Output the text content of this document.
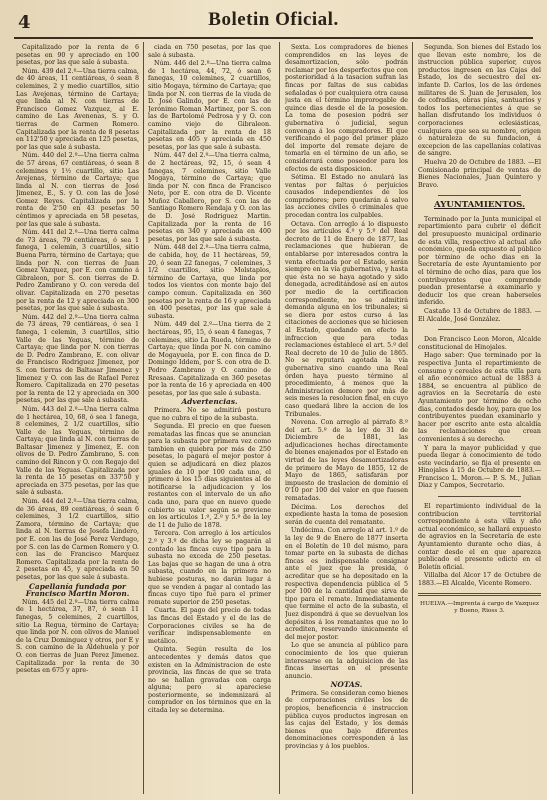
4	Boletin Oficial.

Capitalizado por la renta de 6 pesetas en 90 y apreciado en 100 pesetas, por las que sale á subasta.

Núm. 439 del 2.º—Una tierra calma, de 40 áreas, 11 centiáreas, ó sean 8 celemines, 2 y medio cuartillos, sitio Las Avejenas, término de Cartaya; que linda al N. con tierras de Francisco Gomez Vazquez, al E. camino de Las Avenenas, S. y O. tierras de Carmen Romero. Capitalizada por la renta de 8 pesetas en 112'50 y apreciada en 125 pesetas, por las que sale á subasta.

Núm. 440 del 2.º—Una tierra calma de 57 áreas, 67 centiáreas, ó sean 8 celemines y 1½ cuartillo, sitio Las Avejenas, término de Cartaya; que linda al N. con tierras de José Jimenez, E., S. y O. con las de José Gomez Reyes. Capitalizada por la renta de 2'50 en 43 pesetas 50 céntimos y apreciada en 58 pesetas, por las que sale á subasta.

Núm. 441 del 2.º—Una tierra calma de 73 áreas, 79 centiáreas, ó sea 1 fanega, 1 celemin, 3 cuartillos, sitio Buena Parra, término de Cartaya; que linda por N. con tierras de Juan Gomez Vazquez, por E. con camino á Gibraleon, por S. con tierras de D. Pedro Zambrano y O. con vereda del olivar. Capitalizada en 270 pesetas por la renta de 12 y apreciada en 300 pesetas, por las que sale á subasta.

Núm. 442 del 2.º—Una tierra calma de 73 áreas, 79 centiáreas, ó sea 1 fanega, 1 celemin, 3 cuartillos, sitio Valle de las Yeguas, término de Cartaya; que linda por N. con tierras de D. Pedro Zambrano, E. con olivar de Francisco Rodriguez Jimenez, por S. con tierras de Baltasar Jimenez y Jimenez y O. con las de Rafael Perez Romero. Capitalizada en 270 pesetas por la renta de 12 y apreciada en 300 pesetas, por las que sale á subasta.

Núm. 443 del 2.º—Una tierra calma de 1 hectárea, 10, 68, ó sea 1 fanega, 8 celemines, 2 1/2 cuartillos, sitio Valle de las Yeguas, término de Cartaya; que linda al N. con tierras de Baltasar Jimenez y Jimenez, E. con olivos de D. Pedro Zambrano, S. con camino del Rincon y O. con Regajo del Valle de las Yeguas. Capitalizada por la renta de 15 pesetas en 337'50 y apreciada en 375 pesetas, por las que sale á subasta.

Núm. 444 del 2.º—Una tierra calma, de 36 áreas, 89 centiáreas, ó sean 6 celemines, 3 1/2 cuartillos, sitio Zamora, término de Cartaya; que linda al N. tierras de Josefa Lindero, por E. con las de José Perez Verdugo, por S. con las de Carmen Romero y O. con las de Francisco Marquez Romero. Capitalizada por la renta de 2 pesetas en 45, y apreciada en 50 pesetas, por las que sale á subasta.

Capellanía fundada por Francisco Martin Moron.

Núm. 445 del 2.º—Una tierra calma de 1 hectárea, 37, 87, ó sean 11 fanegas, 5 celemines, 2 cuartillos, sitio La Regua, término de Cartaya; que linda por N. con olivos de Manuel de la Cruz Dominguez y otros, por E y S. con camino de la Aldehuela y por O. con tierras de Juan Perez Jimenez. Capitalizada por la renta de 30 pesetas en 675 y apre-

ciada en 750 pesetas, por las que sale á subasta.

Núm. 446 del 2.º—Una tierra calma de 1 hectárea, 44, 72, ó sean 6 fanegas, 10 celemines, 2 cuartillos, sitio Mogaya, término de Cartaya; que linda por N. con tierras de la viuda de D. José Galindo, por E. con las de Jerónimo Roman Martinez, por S. con las de Bartolomé Pedrosa y y O. con camino viejo de Gibraleon. Capitalizada por la renta de 18 pesetas en 405 y apreciada en 450 pesetas, por las que sale á subasta.

Núm. 447 del 2.º—Una tierra calma, de 2 hectáreas, 92, 15, ó sean 4 fanegas, 7 celemines, sitio Valle Mogaya, término de Cartaya; que linda por N. con finca de Francisco Neto, por E. con otra de D. Vicente Muñoz Caballero, por S. con las de Santiago Romero Rendaja y O. con las de D. José Rodriguez Martin. Capitalizada por la renta de 16 pesetas en 340 y apreciada en 400 pesetas, por las que sale á subasta.

Núm. 448 del 2.º—Una tierra calma, de cabida, hoy, de 11 hectáreas, 59, 20, ó sean 22 fanegas, 7 celemines, 3 1/2 cuartillos, sitio Molstaplos, término de Cartaya, que linda por todos los vientos con monte bajo del campo comun. Capitalizada en 360 pesetas por la renta de 16 y apreciada en 400 pesetas, por las que sale á subasta.

Núm. 449 del 2.º—Una tierra de 2 hectáreas, 95, 15, ó sean 4 fanegas, 7 celemines, sitio La Rueda, término de Cartaya; que linda por N. con camino de Mogayuela, por E. con finca de D. Domingo Iddem, por S. con otra de D. Pedro Zambrano y O. camino de Rresaas. Capitalizada en 360 pesetas por la renta de 16 y apreciada en 400 pesetas, por las que sale á subasta.

Advertencias.

Primera. No se admitirá postura que no cubra el tipo de la subasta.

Segunda. El precio en que fuesen rematadas las fincas que se anuncian para la subasta por primera vez como tambien en quiebra por más de 250 pesetas, lo pagará el mejor postor á quien se adjudicará en diez plazos iguales de 10 por 100 cada uno, el primero á los 15 dias siguientes al de notificarse la adjudicacion y los restantes con el intervalo de un año cada uno, para que en nuevo quede cubierto su valor según se previene en los artículos 1.º, 2.º y 5.º de la ley de 11 de Julio de 1878.

Tercera. Con arreglo á los artículos 2.º y 3.º de dicha ley se pagarán al contado las fincas cuyo tipo para la subasta no exceda de 250 pesetas. Las bajas que se hagan de una á otra subasta, cuando en la primera no hubiese posturas, no darán lugar á que se venden á pagar al contado las fincas cuyo tipo fué para el primer remate superior de 250 pesetas.

Cuarta. El pago del precio de todas las fincas del Estado y el de las de Corporaciones civiles se ha de verificar indispensablemente en metálico.

Quinta. Según resulta de los antecedentes y demás datos que existen en la Administracion de este provincia, las fincas de que se trata no se hallan gravadas con carga alguna; pero si apareciese posteriormente, se indemnizará al comprador en los términos que en la citada ley se determina.

Sexta. Los compradores de bienes comprendidos en las leyes de desamortizacion, sólo podrán reclamar por los desperfectos que con posterioridad á la tasacion sufran las fincas por faltas de sus cabidas señaladas ó por cualquiera otra causa justa en el término improrogable de quince dias desde el de la posesion. La toma de posesion podrá ser gubernativa ó judicial, segun convenga á los compradores. El que verificando el pago del primer plazo del importe del remate dejare de tomarla en el término de un año, se considerará como poseedor para los efectos de esta disposicion.

Sétima. El Estado no anulará las ventas por faltas ó perjuicios causados independientes de los compradores; pero quedarán á salvo las acciones civiles ó criminales que procedan contra los culpables.

Octava. Con arreglo á lo dispuesto por los artículos 4.º y 5.º del Real decreto de 11 de Enero de 1877, las reclamaciones que hubieran de entablarse por interesados contra la venta efectuada por el Estado, serán siempre en la vía gubernativa, y hasta que ésta no se haya agotado y sido denegada, acreditándose así en autos por medio de la certificacion correspondiente, no se admitirá demanda alguna en los tribunales; si se diera por estos curso á las citaciones de acciones que se hiciesen al Estado, quedando en efecto la infraccion que para todas reclamaciones establece el art. 5.º del Real decreto de 10 de Julio de 1865. No se reputará agotada la vía gubernativa sino cuando una Real órden haya puesto término al procedimiento, á menos que la Administracion demore por más de seis meses la resolucion final, en cuyo caso quedará libre la accion de los Tribunales.

Novena. Con arreglo al párrafo 8.º del art. 5.º de la ley de 31 de Diciembre de 1881, las adjudicaciones hechas directamente de bienes enajenados por el Estado en virtud de las leyes desamortizadoras de primero de Mayo de 1855, 12 de Mayo de 1865, satisfarán por impuesto de traslacion de dominio el 0'10 por 100 del valor en que fuesen rematadas.

Décima. Los derechos del expediente hasta la toma de posesion serán de cuenta del rematante.

Undécima. Con arreglo al art. 1.º de la ley de 9 de Enero de 1877 inserta en el Boletín de 10 del mismo, para tomar parte en la subasta de dichas fincas es indispensable consignar ante el juez que la presida, ó acreditar que se ha depositado en la respectiva dependencia pública el 5 por 100 de la cantidad que sirva de tipo para el remate. Inmediatamente que termine el acto de la subasta, el Juez dispondrá á que se devuelvan los depósitos á los rematantes que no lo acrediten, reservando únicamente el del mejor postor.

Lo que se anuncia al público para conocimiento de los que quieran interesarse en la adquisicion de las fincas insertas en el presente anuncio.

NOTAS.

Primera. Se consideran como bienes de corporaciones civiles los de propios, beneficencia é instruccion pública cuyos productos ingresan en las cajas del Estado, y los demás bienes que bajo diferentes denominaciones corresponden á las provincias y á los pueblos.

Segunda. Son bienes del Estado los que llevan este nombre, los de instruccion pública superior, cuyos productos ingresen en las Cajas del Estado, los de secuestro del ex-infante D. Carlos, los de las órdenes militares de S. Juan de Jerusalen, los de cofradías, obras pías, santuarios y todos los pertenecientes á que se hallan disfrutando los individuos ó corporaciones eclesiásticas, cualquiera que sea su nombre, origen ó naturaleza de su fundacion, á excepcion de las capellanías colativas de sangre.

Huelva 20 de Octubre de 1883. —El Comisionado principal de ventas de Bienes Nacionales, Juan Quintero y Bravo.

AYUNTAMIENTOS.

Terminado por la Junta municipal el repartimiento para cubrir el déficit del presupuesto municipal ordinario de esta villa, respectivo al actual año económico, queda expuesto al público por término de ocho dias en la Secretaría de este Ayuntamiento por el término de ocho dias, para que los contribuyentes que comprende puedan presentarse á examinarlo y deducir los que crean haberseles inferido.

Castaño 13 de Octubre de 1883. —El Alcalde, José González.

Don Francisco Leon Moron, Alcalde constitucional de Hinojales.

Hago saber: Que terminado por la respectiva Junta el repartimiento de consumo y cereales de esta villa para el año económico actual de 1883 á 1884, se encuentra al público de agravios en la Secretaría de este Ayuntamiento por término de ocho dias, contados desde hoy, para que los contribuyentes puedan examinarlo y hacer por escrito ante esta alcaldía las reclamaciones que crean convenientes á su derecho.

Y para la mayor publicidad y que pueda llegar á conocimiento de todo este vecindario, se fija el presente en Hinojales á 15 de Octubre de 1883.—Francisco L. Moron.— P. S. M., Julian Diaz y Campos, Secretario.

El repartimiento individual de la contribucion territorial correspondiente á esta villa y año actual económico, se hallará expuesto de agravios en la Secretaría de este Ayuntamiento durante ocho dias, á contar desde el en que aparezca publicado el presente edicto en el Boletín oficial.

Villalba del Alcor 17 de Octubre de 1883.—El Alcalde, Vicente Romero.

HUELVA.—Imprenta á cargo de Vazquez y Bueno, Rioss 3.
